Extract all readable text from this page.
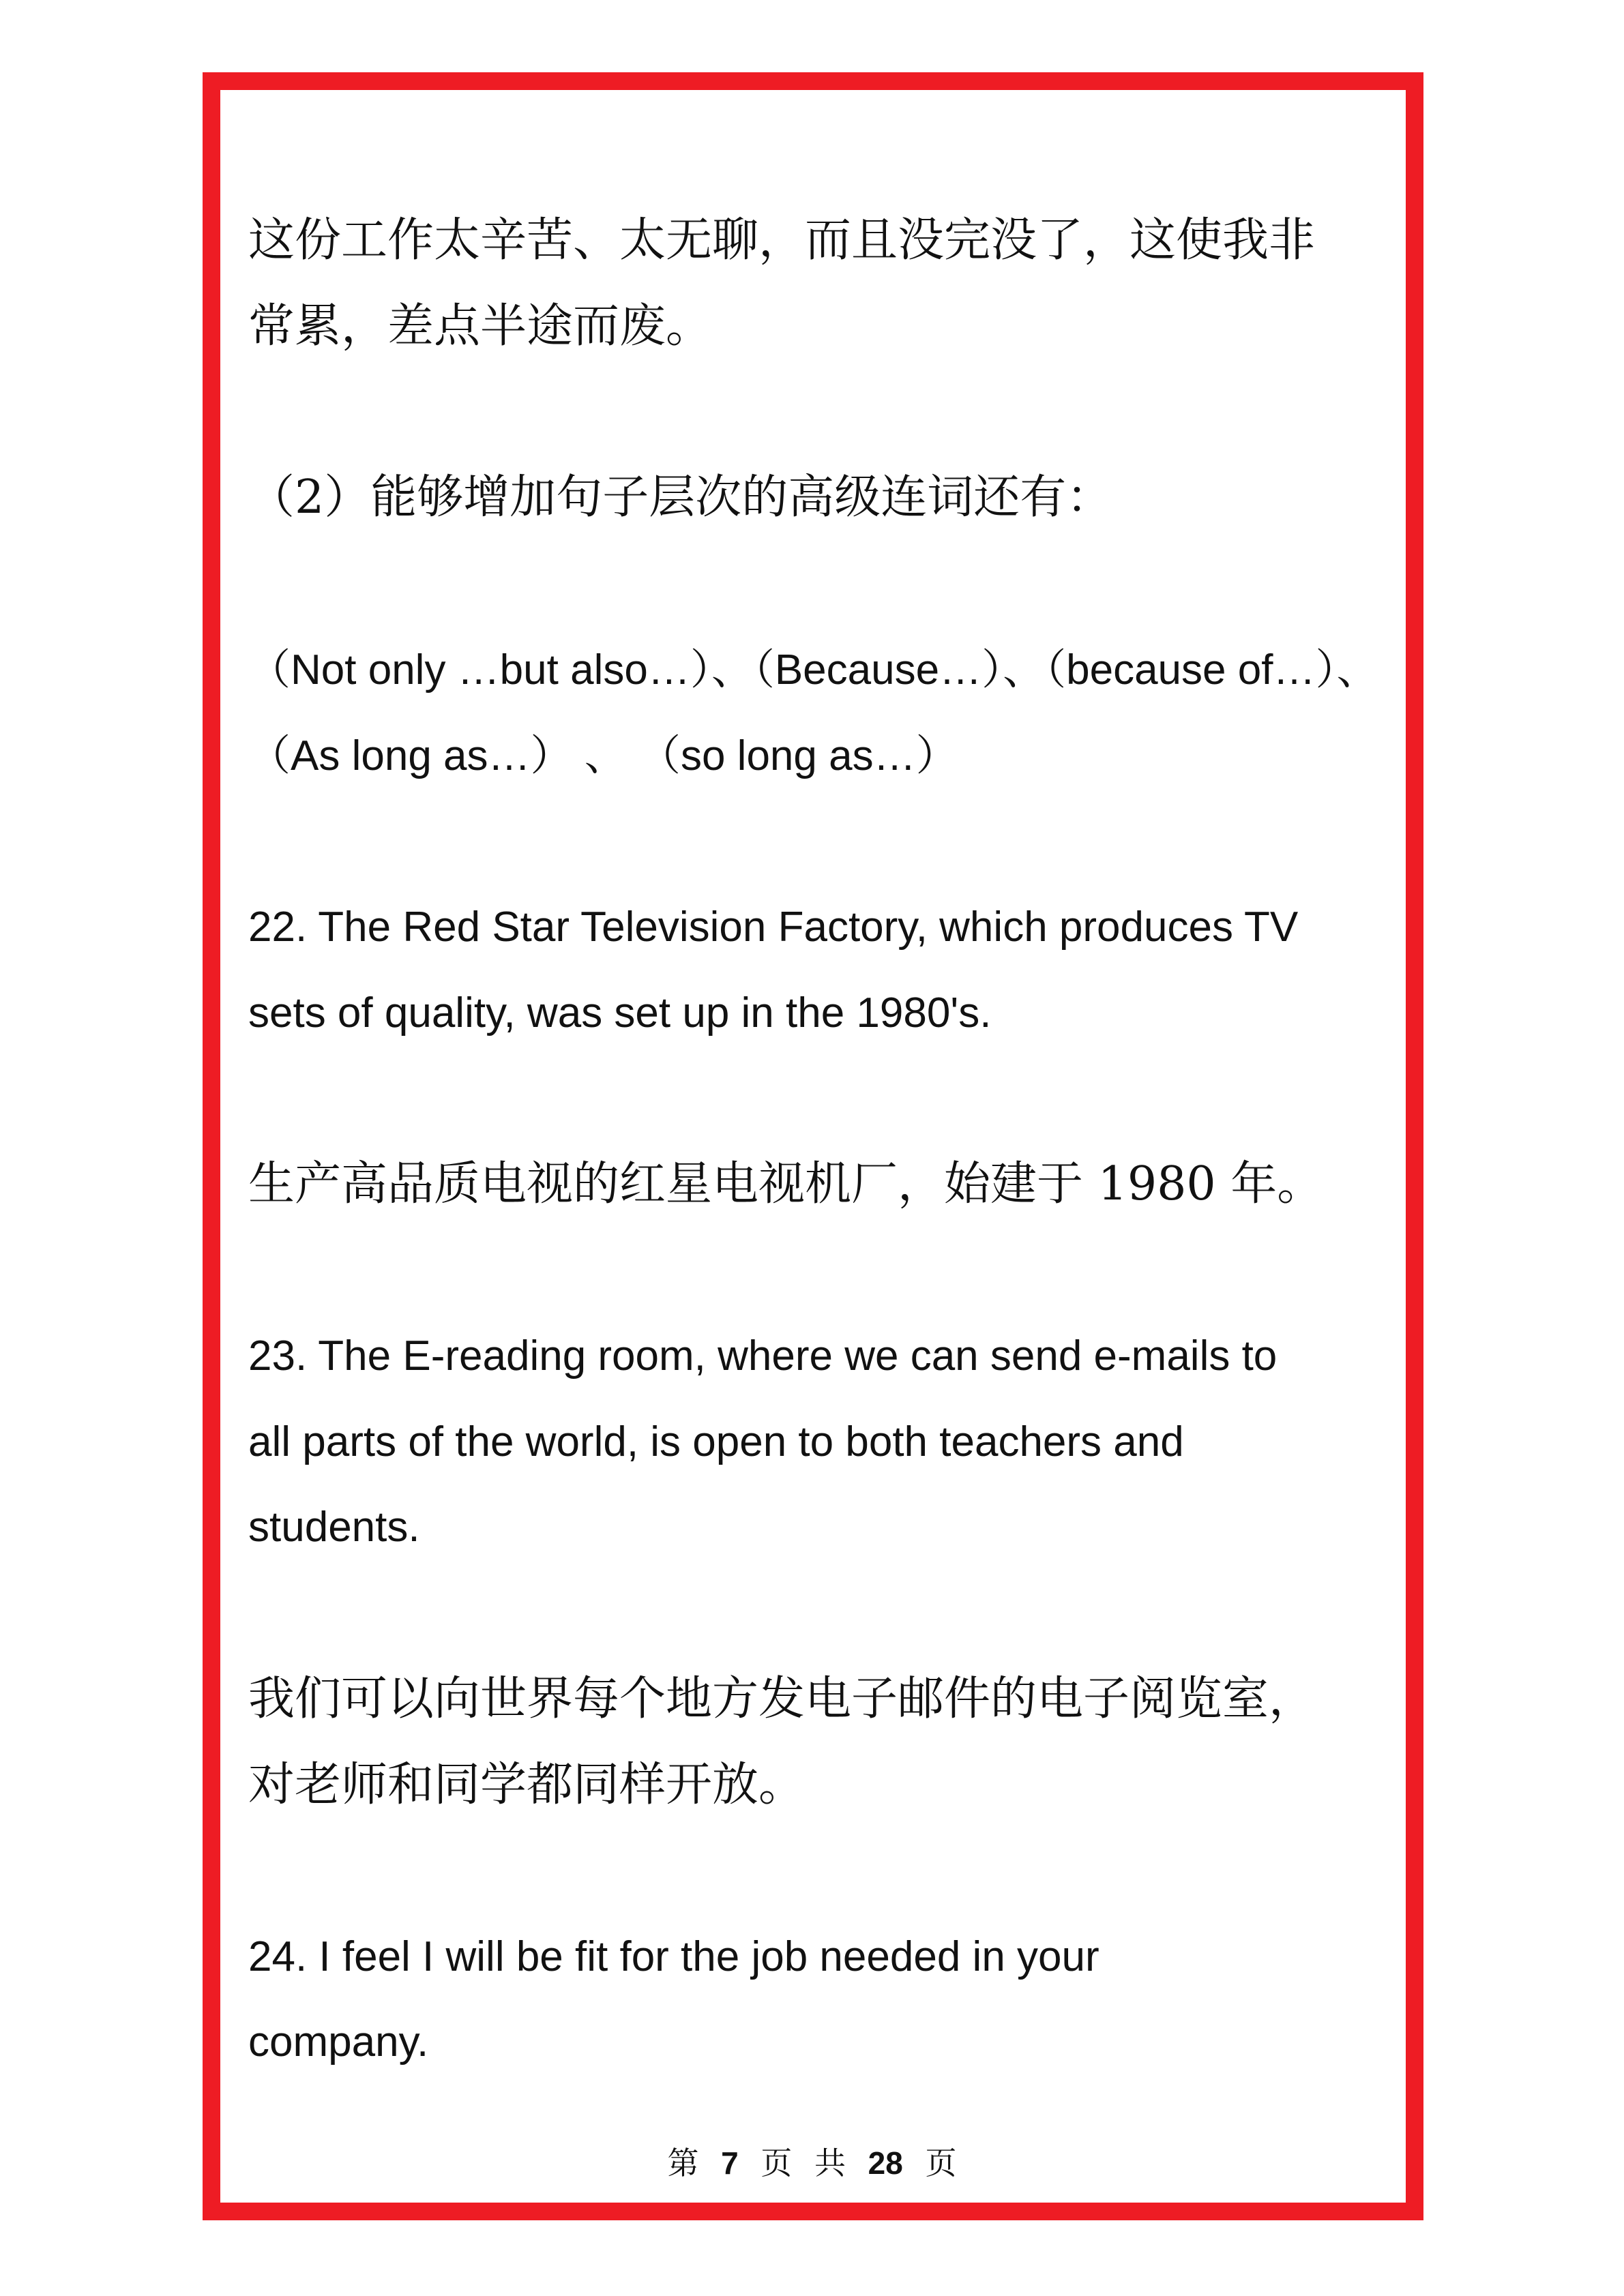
这份工作太辛苦、太无聊，而且没完没了，这使我非
常累，差点半途而废。
（2）能够增加句子层次的高级连词还有：
（Not only …but also…）、（Because…）、（because of…）、
（As long as…） 、 （so long as…）
22. The Red Star Television Factory, which produces TV
sets of quality, was set up in the 1980's.
生产高品质电视的红星电视机厂，始建于 1980 年。
23. The E-reading room, where we can send e-mails to
all parts of the world, is open to both teachers and
students.
我们可以向世界每个地方发电子邮件的电子阅览室，
对老师和同学都同样开放。
24. I feel I will be fit for the job needed in your
company.
第 7 页 共 28 页
